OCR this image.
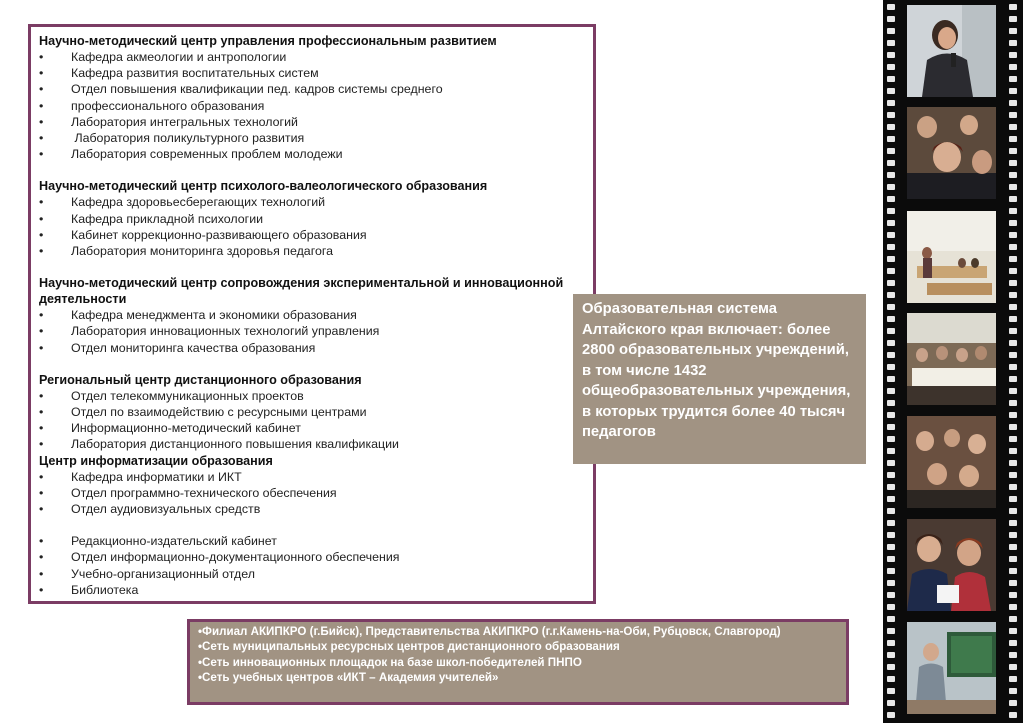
Научно-методический центр управления профессиональным развитием
•	Кафедра акмеологии и антропологии
•	Кафедра развития воспитательных систем
•	Отдел повышения квалификации пед. кадров системы среднего
•	профессионального образования
•	Лаборатория интегральных технологий
•	Лаборатория поликультурного развития
•	Лаборатория современных проблем молодежи
Научно-методический центр психолого-валеологического образования
•	Кафедра здоровьесберегающих технологий
•	Кафедра прикладной психологии
•	Кабинет коррекционно-развивающего образования
•	Лаборатория мониторинга здоровья педагога
Научно-методический центр сопровождения экспериментальной и инновационной деятельности
•	Кафедра менеджмента и экономики образования
•	Лаборатория инновационных технологий управления
•	Отдел мониторинга качества образования
Региональный центр дистанционного образования
•	Отдел телекоммуникационных проектов
•	Отдел по взаимодействию с ресурсными центрами
•	Информационно-методический кабинет
•	Лаборатория дистанционного повышения квалификации
Центр информатизации образования
•	Кафедра информатики и ИКТ
•	Отдел программно-технического обеспечения
•	Отдел аудиовизуальных средств
•	Редакционно-издательский кабинет
•	Отдел информационно-документационного обеспечения
•	Учебно-организационный отдел
•	Библиотека
Образовательная система Алтайского края включает: более 2800 образовательных учреждений, в том числе 1432 общеобразовательных учреждения, в которых трудится более 40 тысяч педагогов
•Филиал АКИПКРО (г.Бийск), Представительства АКИПКРО (г.г.Камень-на-Оби, Рубцовск, Славгород)
•Сеть муниципальных ресурсных центров дистанционного образования
•Сеть инновационных площадок на базе школ-победителей ПНПО
•Сеть учебных центров «ИКТ – Академия учителей»
